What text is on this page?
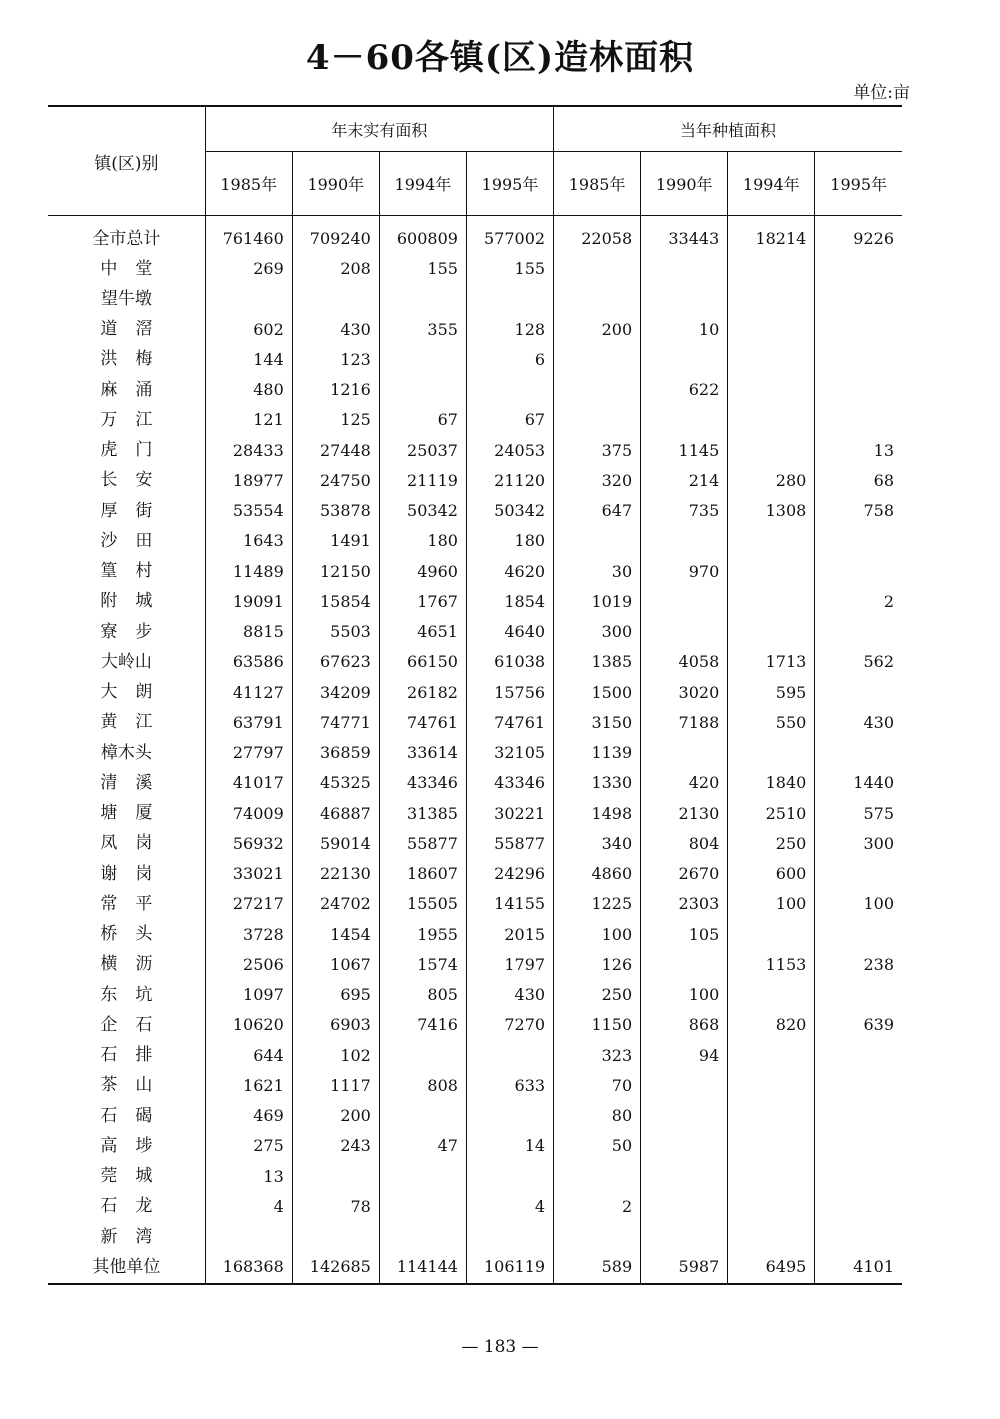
4－60各镇(区)造林面积
单位:亩
镇(区)别	年末实有面积				当年种植面积			
	1985年	1990年	1994年	1995年	1985年	1990年	1994年	1995年
全市总计	761460	709240	600809	577002	22058	33443	18214	9226
中堂	269	208	155	155				
望牛墩								
道滘	602	430	355	128	200	10		
洪梅	144	123		6				
麻涌	480	1216				622		
万江	121	125	67	67				
虎门	28433	27448	25037	24053	375	1145		13
长安	18977	24750	21119	21120	320	214	280	68
厚街	53554	53878	50342	50342	647	735	1308	758
沙田	1643	1491	180	180				
篁村	11489	12150	4960	4620	30	970		
附城	19091	15854	1767	1854	1019			2
寮步	8815	5503	4651	4640	300			
大岭山	63586	67623	66150	61038	1385	4058	1713	562
大朗	41127	34209	26182	15756	1500	3020	595	
黄江	63791	74771	74761	74761	3150	7188	550	430
樟木头	27797	36859	33614	32105	1139			
清溪	41017	45325	43346	43346	1330	420	1840	1440
塘厦	74009	46887	31385	30221	1498	2130	2510	575
凤岗	56932	59014	55877	55877	340	804	250	300
谢岗	33021	22130	18607	24296	4860	2670	600	
常平	27217	24702	15505	14155	1225	2303	100	100
桥头	3728	1454	1955	2015	100	105		
横沥	2506	1067	1574	1797	126		1153	238
东坑	1097	695	805	430	250	100		
企石	10620	6903	7416	7270	1150	868	820	639
石排	644	102			323	94		
茶山	1621	1117	808	633	70			
石碣	469	200			80			
高埗	275	243	47	14	50			
莞城	13							
石龙	4	78		4	2			
新湾								
其他单位	168368	142685	114144	106119	589	5987	6495	4101
— 183 —
